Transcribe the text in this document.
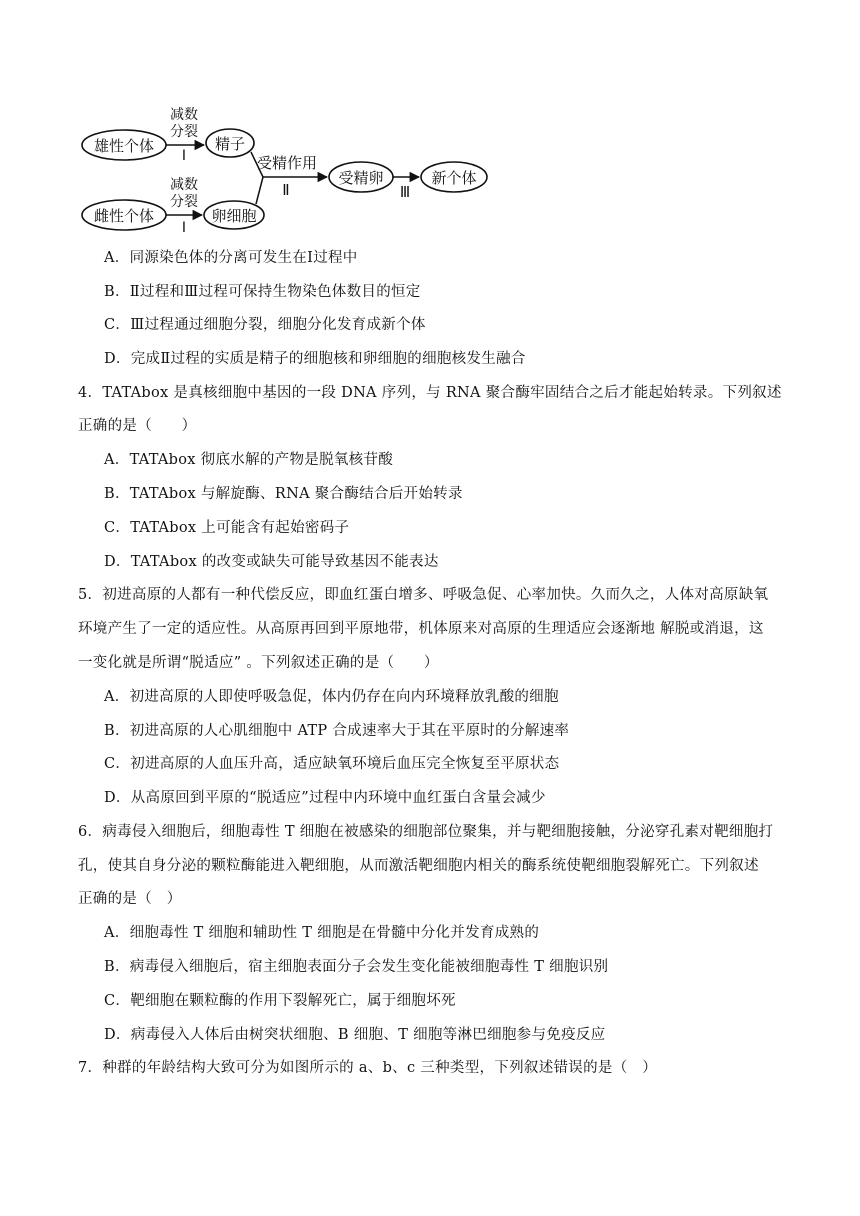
雄性个体
雌性个体
精子
卵细胞
受精卵	新个体
减数
分裂
Ⅰ
减数
分裂
Ⅰ
受精作用
Ⅱ	Ⅲ
A．同源染色体的分离可发生在Ⅰ过程中
B．Ⅱ过程和Ⅲ过程可保持生物染色体数目的恒定
C．Ⅲ过程通过细胞分裂，细胞分化发育成新个体
D．完成Ⅱ过程的实质是精子的细胞核和卵细胞的细胞核发生融合
4．TATAbox 是真核细胞中基因的一段 DNA 序列，与 RNA 聚合酶牢固结合之后才能起始转录。下列叙述
正确的是（　　）
A．TATAbox 彻底水解的产物是脱氧核苷酸
B．TATAbox 与解旋酶、RNA 聚合酶结合后开始转录
C．TATAbox 上可能含有起始密码子
D．TATAbox 的改变或缺失可能导致基因不能表达
5．初进高原的人都有一种代偿反应，即血红蛋白增多、呼吸急促、心率加快。久而久之，人体对高原缺氧
环境产生了一定的适应性。从高原再回到平原地带，机体原来对高原的生理适应会逐渐地 解脱或消退，这
一变化就是所谓“脱适应” 。下列叙述正确的是（　　）
A．初进高原的人即使呼吸急促，体内仍存在向内环境释放乳酸的细胞
B．初进高原的人心肌细胞中 ATP 合成速率大于其在平原时的分解速率
C．初进高原的人血压升高，适应缺氧环境后血压完全恢复至平原状态
D．从高原回到平原的“脱适应”过程中内环境中血红蛋白含量会减少
6．病毒侵入细胞后，细胞毒性 T 细胞在被感染的细胞部位聚集，并与靶细胞接触，分泌穿孔素对靶细胞打
孔，使其自身分泌的颗粒酶能进入靶细胞，从而激活靶细胞内相关的酶系统使靶细胞裂解死亡。下列叙述
正确的是（　）
A．细胞毒性 T 细胞和辅助性 T 细胞是在骨髓中分化并发育成熟的
B．病毒侵入细胞后，宿主细胞表面分子会发生变化能被细胞毒性 T 细胞识别
C．靶细胞在颗粒酶的作用下裂解死亡，属于细胞坏死
D．病毒侵入人体后由树突状细胞、B 细胞、T 细胞等淋巴细胞参与免疫反应
7．种群的年龄结构大致可分为如图所示的 a、b、c 三种类型，下列叙述错误的是（　）
